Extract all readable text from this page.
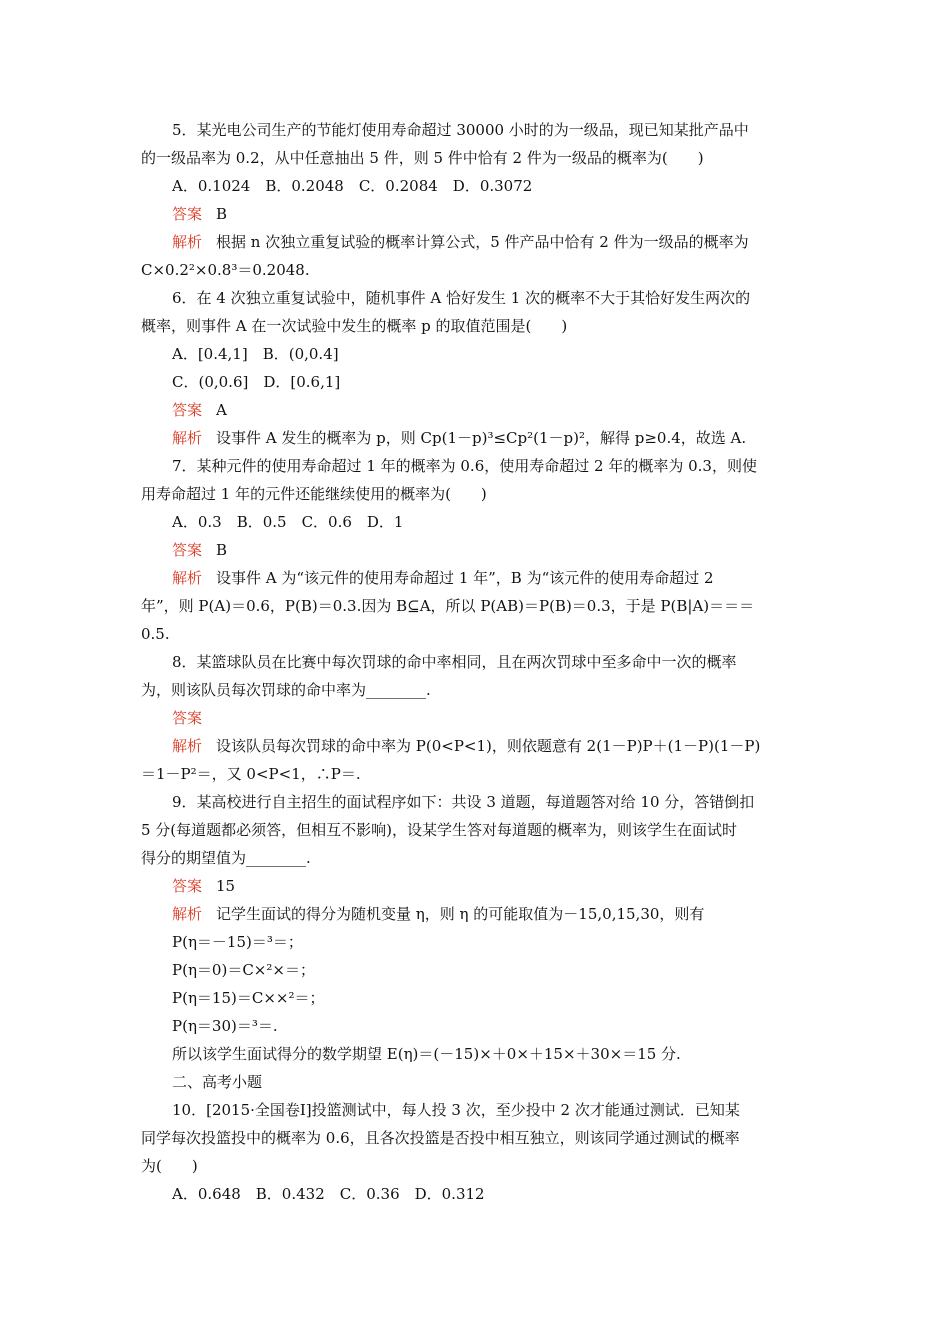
5．某光电公司生产的节能灯使用寿命超过 30000 小时的为一级品，现已知某批产品中
的一级品率为 0.2，从中任意抽出 5 件，则 5 件中恰有 2 件为一级品的概率为(　　)
A．0.1024　B．0.2048　C．0.2084　D．0.3072
答案 B
解析 根据 n 次独立重复试验的概率计算公式，5 件产品中恰有 2 件为一级品的概率为
C×0.2²×0.8³＝0.2048.
6．在 4 次独立重复试验中，随机事件 A 恰好发生 1 次的概率不大于其恰好发生两次的
概率，则事件 A 在一次试验中发生的概率 p 的取值范围是(　　)
A．[0.4,1]　B．(0,0.4]
C．(0,0.6]　D．[0.6,1]
答案 A
解析 设事件 A 发生的概率为 p，则 Cp(1－p)³≤Cp²(1－p)²，解得 p≥0.4，故选 A.
7．某种元件的使用寿命超过 1 年的概率为 0.6，使用寿命超过 2 年的概率为 0.3，则使
用寿命超过 1 年的元件还能继续使用的概率为(　　)
A．0.3　B．0.5　C．0.6　D．1
答案 B
解析 设事件 A 为“该元件的使用寿命超过 1 年”，B 为“该元件的使用寿命超过 2
年”，则 P(A)＝0.6，P(B)＝0.3.因为 B⊆A，所以 P(AB)＝P(B)＝0.3，于是 P(B|A)＝＝＝
0.5.
8．某篮球队员在比赛中每次罚球的命中率相同，且在两次罚球中至多命中一次的概率
为，则该队员每次罚球的命中率为________.
答案
解析 设该队员每次罚球的命中率为 P(0<P<1)，则依题意有 2(1－P)P＋(1－P)(1－P)
＝1－P²＝，又 0<P<1，∴P＝.
9．某高校进行自主招生的面试程序如下：共设 3 道题，每道题答对给 10 分，答错倒扣
5 分(每道题都必须答，但相互不影响)，设某学生答对每道题的概率为，则该学生在面试时
得分的期望值为________.
答案 15
解析 记学生面试的得分为随机变量 η，则 η 的可能取值为－15,0,15,30，则有
P(η＝－15)＝³＝；
P(η＝0)＝C×²×＝；
P(η＝15)＝C××²＝；
P(η＝30)＝³＝.
所以该学生面试得分的数学期望 E(η)＝(－15)×＋0×＋15×＋30×＝15 分.
二、高考小题
10．[2015·全国卷Ⅰ]投篮测试中，每人投 3 次，至少投中 2 次才能通过测试．已知某
同学每次投篮投中的概率为 0.6，且各次投篮是否投中相互独立，则该同学通过测试的概率
为(　　)
A．0.648　B．0.432　C．0.36　D．0.312
